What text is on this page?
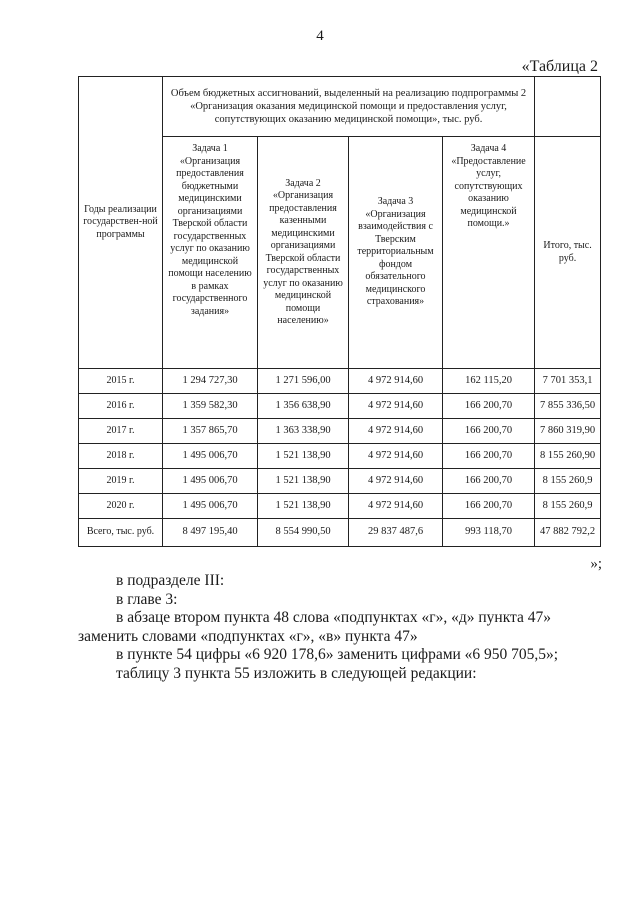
4
«Таблица 2
Годы реализации государствен-ной программы	Объем бюджетных ассигнований, выделенный на реализацию подпрограммы 2 «Организация оказания медицинской помощи и предоставления услуг, сопутствующих оказанию медицинской помощи», тыс. руб.				
	Задача 1 «Организация предоставления бюджетными медицинскими организациями Тверской области государственных услуг по оказанию медицинской помощи населению в рамках государственного задания»	Задача 2 «Организация предоставления казенными медицинскими организациями Тверской области государственных услуг по оказанию медицинской помощи населению»	Задача 3 «Организация взаимодействия с Тверским территориальным фондом обязательного медицинского страхования»	Задача 4 «Предоставление услуг, сопутствующих оказанию медицинской помощи.»	Итого, тыс. руб.
2015 г.	1 294 727,30	1 271 596,00	4 972 914,60	162 115,20	7 701 353,1
2016 г.	1 359 582,30	1 356 638,90	4 972 914,60	166 200,70	7 855 336,50
2017 г.	1 357 865,70	1 363 338,90	4 972 914,60	166 200,70	7 860 319,90
2018 г.	1 495 006,70	1 521 138,90	4 972 914,60	166 200,70	8 155 260,90
2019 г.	1 495 006,70	1 521 138,90	4 972 914,60	166 200,70	8 155 260,9
2020 г.	1 495 006,70	1 521 138,90	4 972 914,60	166 200,70	8 155 260,9
Всего, тыс. руб.	8 497 195,40	8 554 990,50	29 837 487,6	993 118,70	47 882 792,2
»;

в подразделе III:

в главе 3:

в абзаце втором пункта 48 слова «подпунктах «г», «д» пункта 47»

заменить словами «подпунктах «г», «в» пункта 47»

в пункте 54 цифры «6 920 178,6» заменить цифрами «6 950 705,5»;

таблицу 3 пункта 55 изложить в следующей редакции:
